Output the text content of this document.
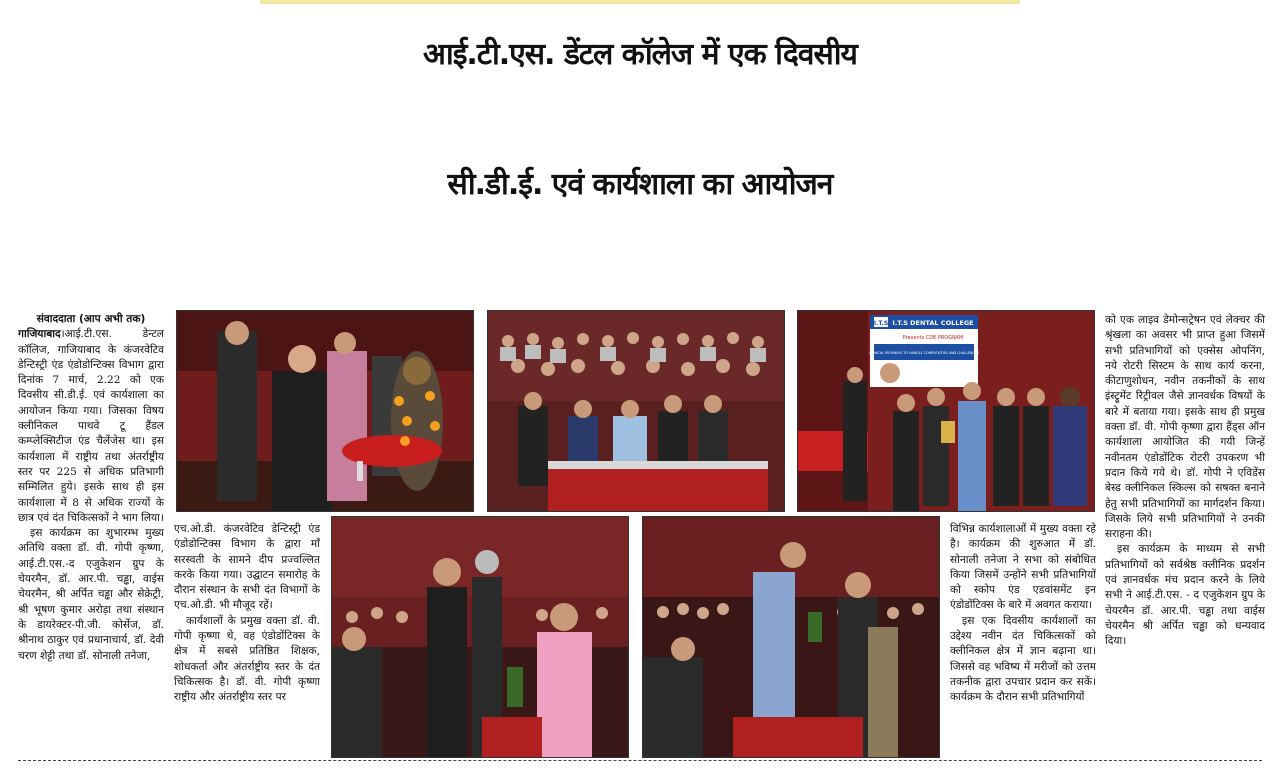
आई.टी.एस. डेंटल कॉलेज में एक दिवसीय
सी.डी.ई. एवं कार्यशाला का आयोजन

संवाददाता (आप अभी तक)

गाजियाबाद।आई.टी.एस. डेन्टल कॉलिज, गाजियाबाद के कंजरवेटिव डेन्टिस्ट्री एंड एंडोडोन्टिक्स विभाग द्वारा दिनांक 7 मार्च, 2.22 को एक दिवसीय सी.डी.ई. एवं कार्यशाला का आयोजन किया गया। जिसका विषय क्लीनिकल पाथवे टू हैंडल कम्प्लेक्सिटीज एंड चैलेंजेस था। इस कार्यशाला में राष्ट्रीय तथा अंतर्राष्ट्रीय स्तर पर 225 से अधिक प्रतिभागी सम्मिलित हुये। इसके साथ ही इस कार्यशाला में 8 से अधिक राज्यों के छात्र एवं दंत चिकित्सकों ने भाग लिया।

इस कार्यक्रम का शुभारम्भ मुख्य अतिथि वक्ता डॉ. वी. गोपी कृष्णा, आई.टी.एस.-द एजुकेशन ग्रुप के चेयरमैन, डॉ. आर.पी. चड्ढा, वाईस चेयरमैन, श्री अर्पित चड्ढा और सेक्रेट्री, श्री भूषण कुमार अरोड़ा तथा संस्थान के डायरेक्टर-पी.जी. कोर्सेज, डॉ. श्रीनाथ ठाकुर एवं प्रधानाचार्य, डॉ. देवी चरण शेट्टी तथा डॉ. सोनाली तनेजा,

I.T.S I.T.S DENTAL COLLEGE
Presents CDE PROGRAM
CLINICAL PATHWAYS TO HANDLE COMPLEXITIES AND CHALLENGES

को एक लाइव डेमोन्सट्रेषन एवं लेक्चर की श्रृंखला का अवसर भी प्राप्त हुआ जिसमें सभी प्रतिभागियों को एक्सेस ओपनिंग, नये रोटरी सिस्टम के साथ कार्य करना, कीटाणुशोधन, नवीन तकनीकों के साथ इंस्ट्रूमेंट रिट्रीवल जैसे ज्ञानवर्धक विषयों के बारे में बताया गया। इसके साथ ही प्रमुख वक्ता डॉ. वी. गोपी कृष्णा द्वारा हैंड्स ऑन कार्यशाला आयोजित की गयी जिन्हें नवीनतम एंडोडोंटिक रोटरी उपकरण भी प्रदान किये गये थे। डॉ. गोपी ने एविडेंस बेस्ड क्लीनिकल स्किल्स को सषक्त बनाने हेतु सभी प्रतिभागियों का मार्गदर्शन किया। जिसके लिये सभी प्रतिभागियों ने उनकी सराहना की।

इस कार्यक्रम के माध्यम से सभी प्रतिभागियों को सर्वश्रेष्ठ क्लीनिक प्रदर्शन एवं ज्ञानवर्धक मंच प्रदान करने के लिये सभी ने आई.टी.एस. - द एजुकेशन ग्रुप के चेयरमैन डॉ. आर.पी. चड्ढा तथा वाईस चेयरमैन श्री अर्पित चड्ढा को धन्यवाद दिया।

एच.ओ.डी. कंजरवेटिव डेन्टिस्ट्री एंड एंडोडोन्टिक्स विभाग के द्वारा माँ सरस्वती के सामने दीप प्रज्वल्लित करके किया गया। उद्घाटन समारोह के दौरान संस्थान के सभी दंत विभागों के एच.ओ.डी. भी मौजूद रहें।

कार्यशालों के प्रमुख वक्ता डॉ. वी. गोपी कृष्णा थे, वह एंडोडोंटिक्स के क्षेत्र में सबसे प्रतिष्ठित शिक्षक, शोधकर्ता और अंतर्राष्ट्रीय स्तर के दंत चिकित्सक है। डॉ. वी. गोपी कृष्णा राष्ट्रीय और अंतर्राष्ट्रीय स्तर पर

विभिन्न कार्यशालाओं में मुख्य वक्ता रहे है। कार्यक्रम की शुरुआत में डॉ. सोनाली तनेजा ने सभा को संबोधित किया जिसमें उन्होंने सभी प्रतिभागियों को स्कोप एंड एडवांसमेंट इन एंडोडोंटिक्स के बारे में अवगत कराया।

इस एक दिवसीय कार्यशालों का उद्देश्य नवीन दंत चिकित्सकों को क्लीनिकल क्षेत्र में ज्ञान बढ़ाना था। जिससे वह भविष्य में मरीजों को उत्तम तकनीक द्वारा उपचार प्रदान कर सकें। कार्यक्रम के दौरान सभी प्रतिभागियों
